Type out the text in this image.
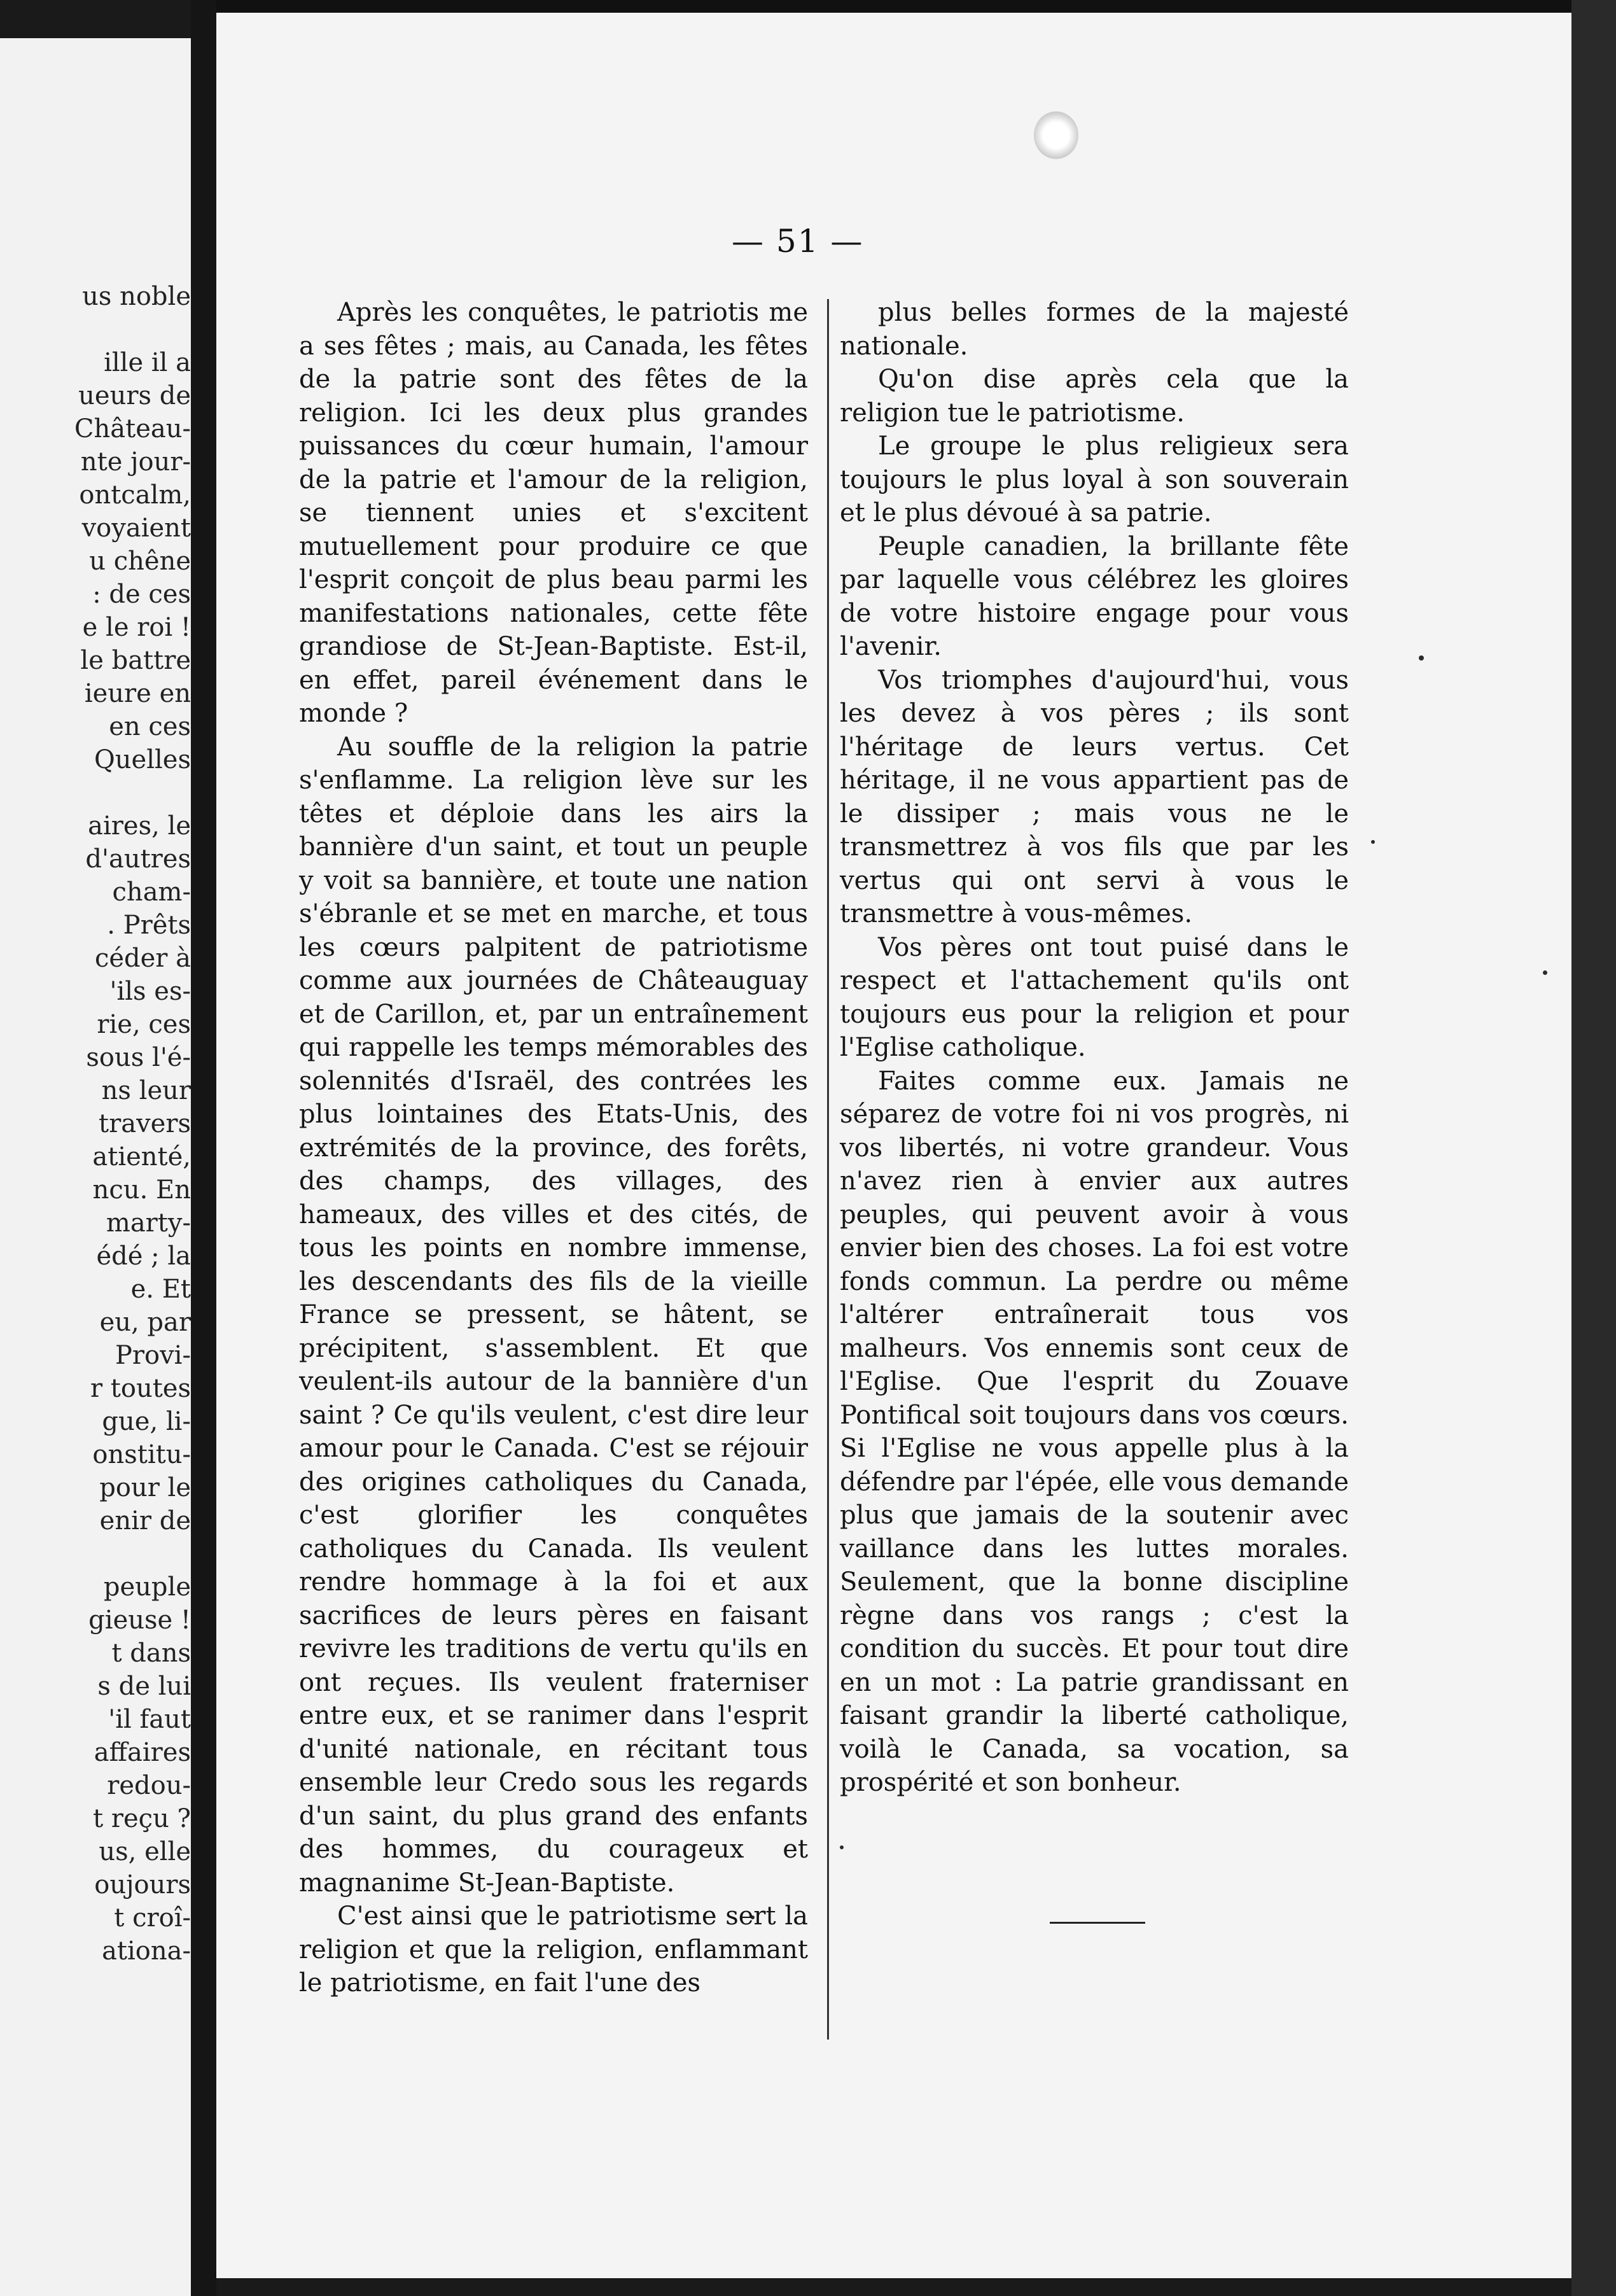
us noble
ille il a
ueurs de
Château-
nte jour-
ontcalm,
voyaient
u chêne
: de ces
e le roi !
le battre
ieure en
en ces
Quelles
aires, le
d'autres
cham-
. Prêts
céder à
'ils es-
rie, ces
sous l'é-
ns leur
travers
atienté,
ncu. En
marty-
édé ; la
e. Et
eu, par
Provi-
r toutes
gue, li-
onstitu-
pour le
enir de
peuple
gieuse !
t dans
s de lui
'il faut
affaires
redou-
t reçu ?
us, elle
oujours
t croî-
ationa-
— 51 —

Après les conquêtes, le patriotis me a ses fêtes ; mais, au Canada, les fêtes de la patrie sont des fêtes de la religion. Ici les deux plus grandes puissances du cœur humain, l'amour de la patrie et l'amour de la religion, se tiennent unies et s'excitent mutuellement pour produire ce que l'esprit conçoit de plus beau parmi les manifestations nationales, cette fête grandiose de St-Jean-Baptiste. Est-il, en effet, pareil événement dans le monde ?

Au souffle de la religion la patrie s'enflamme. La religion lève sur les têtes et déploie dans les airs la bannière d'un saint, et tout un peuple y voit sa bannière, et toute une nation s'ébranle et se met en marche, et tous les cœurs palpitent de patriotisme comme aux journées de Châteauguay et de Carillon, et, par un entraînement qui rappelle les temps mémorables des solennités d'Israël, des contrées les plus lointaines des Etats-Unis, des extrémités de la province, des forêts, des champs, des villages, des hameaux, des villes et des cités, de tous les points en nombre immense, les descendants des fils de la vieille France se pressent, se hâtent, se précipitent, s'assemblent. Et que veulent-ils autour de la bannière d'un saint ? Ce qu'ils veulent, c'est dire leur amour pour le Canada. C'est se réjouir des origines catholiques du Canada, c'est glorifier les conquêtes catholiques du Canada. Ils veulent rendre hommage à la foi et aux sacrifices de leurs pères en faisant revivre les traditions de vertu qu'ils en ont reçues. Ils veulent fraterniser entre eux, et se ranimer dans l'esprit d'unité nationale, en récitant tous ensemble leur Credo sous les regards d'un saint, du plus grand des enfants des hommes, du courageux et magnanime St-Jean-Baptiste.

C'est ainsi que le patriotisme sert la religion et que la religion, enflammant le patriotisme, en fait l'une des

plus belles formes de la majesté nationale.

Qu'on dise après cela que la religion tue le patriotisme.

Le groupe le plus religieux sera toujours le plus loyal à son souverain et le plus dévoué à sa patrie.

Peuple canadien, la brillante fête par laquelle vous célébrez les gloires de votre histoire engage pour vous l'avenir.

Vos triomphes d'aujourd'hui, vous les devez à vos pères ; ils sont l'héritage de leurs vertus. Cet héritage, il ne vous appartient pas de le dissiper ; mais vous ne le transmettrez à vos fils que par les vertus qui ont servi à vous le transmettre à vous-mêmes.

Vos pères ont tout puisé dans le respect et l'attachement qu'ils ont toujours eus pour la religion et pour l'Eglise catholique.

Faites comme eux. Jamais ne séparez de votre foi ni vos progrès, ni vos libertés, ni votre grandeur. Vous n'avez rien à envier aux autres peuples, qui peuvent avoir à vous envier bien des choses. La foi est votre fonds commun. La perdre ou même l'altérer entraînerait tous vos malheurs. Vos ennemis sont ceux de l'Eglise. Que l'esprit du Zouave Pontifical soit toujours dans vos cœurs. Si l'Eglise ne vous appelle plus à la défendre par l'épée, elle vous demande plus que jamais de la soutenir avec vaillance dans les luttes morales. Seulement, que la bonne discipline règne dans vos rangs ; c'est la condition du succès. Et pour tout dire en un mot : La patrie grandissant en faisant grandir la liberté catholique, voilà le Canada, sa vocation, sa prospérité et son bonheur.
